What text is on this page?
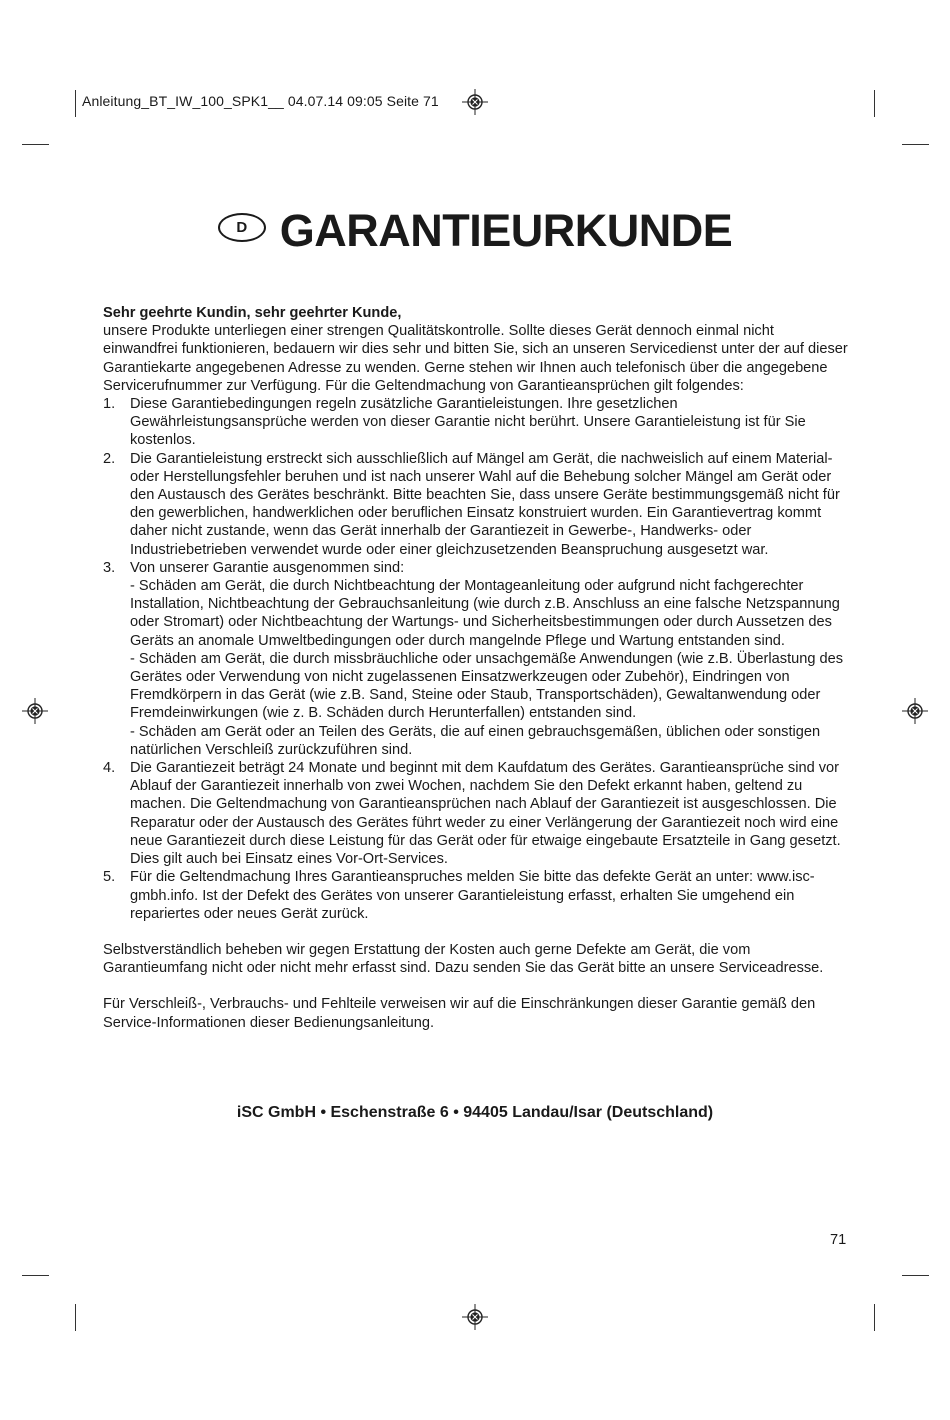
Anleitung_BT_IW_100_SPK1__ 04.07.14 09:05 Seite 71
D GARANTIEURKUNDE
Sehr geehrte Kundin, sehr geehrter Kunde,
unsere Produkte unterliegen einer strengen Qualitätskontrolle. Sollte dieses Gerät dennoch einmal nicht einwandfrei funktionieren, bedauern wir dies sehr und bitten Sie, sich an unseren Servicedienst unter der auf dieser Garantiekarte angegebenen Adresse zu wenden. Gerne stehen wir Ihnen auch telefonisch über die angegebene Servicerufnummer zur Verfügung. Für die Geltendmachung von Garantieansprüchen gilt folgendes:
1. Diese Garantiebedingungen regeln zusätzliche Garantieleistungen. Ihre gesetzlichen Gewährleistungsansprüche werden von dieser Garantie nicht berührt. Unsere Garantieleistung ist für Sie kostenlos.
2. Die Garantieleistung erstreckt sich ausschließlich auf Mängel am Gerät, die nachweislich auf einem Material- oder Herstellungsfehler beruhen und ist nach unserer Wahl auf die Behebung solcher Mängel am Gerät oder den Austausch des Gerätes beschränkt. Bitte beachten Sie, dass unsere Geräte bestimmungsgemäß nicht für den gewerblichen, handwerklichen oder beruflichen Einsatz konstruiert wurden. Ein Garantievertrag kommt daher nicht zustande, wenn das Gerät innerhalb der Garantiezeit in Gewerbe-, Handwerks- oder Industriebetrieben verwendet wurde oder einer gleichzusetzenden Beanspruchung ausgesetzt war.
3. Von unserer Garantie ausgenommen sind:
- Schäden am Gerät, die durch Nichtbeachtung der Montageanleitung oder aufgrund nicht fachgerechter Installation, Nichtbeachtung der Gebrauchsanleitung (wie durch z.B. Anschluss an eine falsche Netzspannung oder Stromart) oder Nichtbeachtung der Wartungs- und Sicherheitsbestimmungen oder durch Aussetzen des Geräts an anomale Umweltbedingungen oder durch mangelnde Pflege und Wartung entstanden sind.
- Schäden am Gerät, die durch missbräuchliche oder unsachgemäße Anwendungen (wie z.B. Überlastung des Gerätes oder Verwendung von nicht zugelassenen Einsatzwerkzeugen oder Zubehör), Eindringen von Fremdkörpern in das Gerät (wie z.B. Sand, Steine oder Staub, Transportschäden), Gewaltanwendung oder Fremdeinwirkungen (wie z. B. Schäden durch Herunterfallen) entstanden sind.
- Schäden am Gerät oder an Teilen des Geräts, die auf einen gebrauchsgemäßen, üblichen oder sonstigen natürlichen Verschleiß zurückzuführen sind.
4. Die Garantiezeit beträgt 24 Monate und beginnt mit dem Kaufdatum des Gerätes. Garantieansprüche sind vor Ablauf der Garantiezeit innerhalb von zwei Wochen, nachdem Sie den Defekt erkannt haben, geltend zu machen. Die Geltendmachung von Garantieansprüchen nach Ablauf der Garantiezeit ist ausgeschlossen. Die Reparatur oder der Austausch des Gerätes führt weder zu einer Verlängerung der Garantiezeit noch wird eine neue Garantiezeit durch diese Leistung für das Gerät oder für etwaige eingebaute Ersatzteile in Gang gesetzt. Dies gilt auch bei Einsatz eines Vor-Ort-Services.
5. Für die Geltendmachung Ihres Garantieanspruches melden Sie bitte das defekte Gerät an unter: www.isc-gmbh.info. Ist der Defekt des Gerätes von unserer Garantieleistung erfasst, erhalten Sie umgehend ein repariertes oder neues Gerät zurück.
Selbstverständlich beheben wir gegen Erstattung der Kosten auch gerne Defekte am Gerät, die vom Garantieumfang nicht oder nicht mehr erfasst sind. Dazu senden Sie das Gerät bitte an unsere Serviceadresse.
Für Verschleiß-, Verbrauchs- und Fehlteile verweisen wir auf die Einschränkungen dieser Garantie gemäß den Service-Informationen dieser Bedienungsanleitung.
iSC GmbH • Eschenstraße 6 • 94405 Landau/Isar (Deutschland)
71
